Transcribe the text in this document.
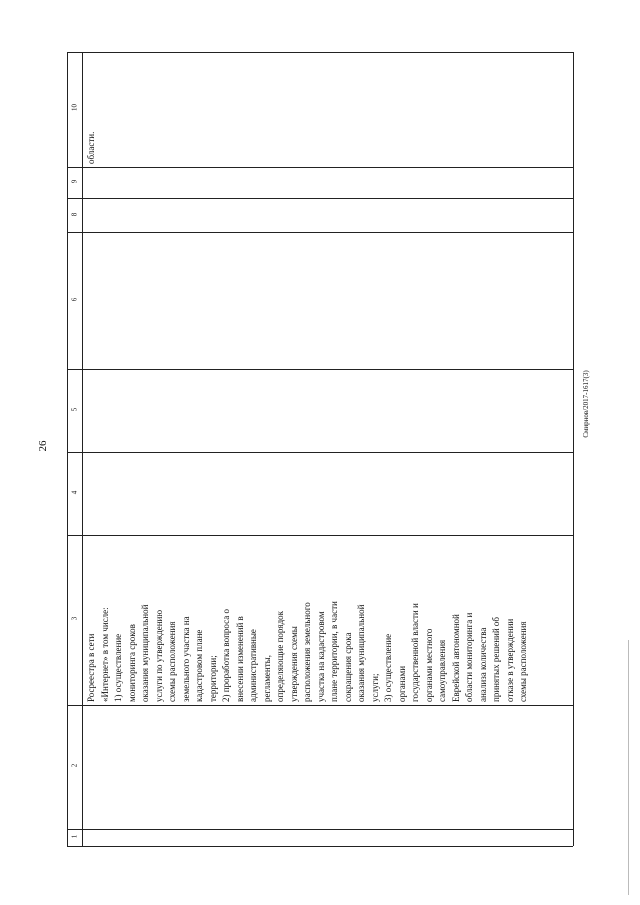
26
10
9
8
6
5
4
3
2
1
Росреестра в сети «Интернет» в том числе: 1) осуществление мониторинга сроков оказания муниципальной услуги по утверждению схемы расположения земельного участка на кадастровом плане территории; 2) проработка вопроса о внесении изменений в административные регламенты, определяющие порядок утверждения схемы расположения земельного участка на кадастровом плане территории, в части сокращения срока оказания муниципальной услуги; 3) осуществление органами государственной власти и органами местного самоуправления Еврейской автономной области мониторинга и анализа количества принятых решений об отказе в утверждении схемы расположения
области.
Смирнов/2017-1617(3)
